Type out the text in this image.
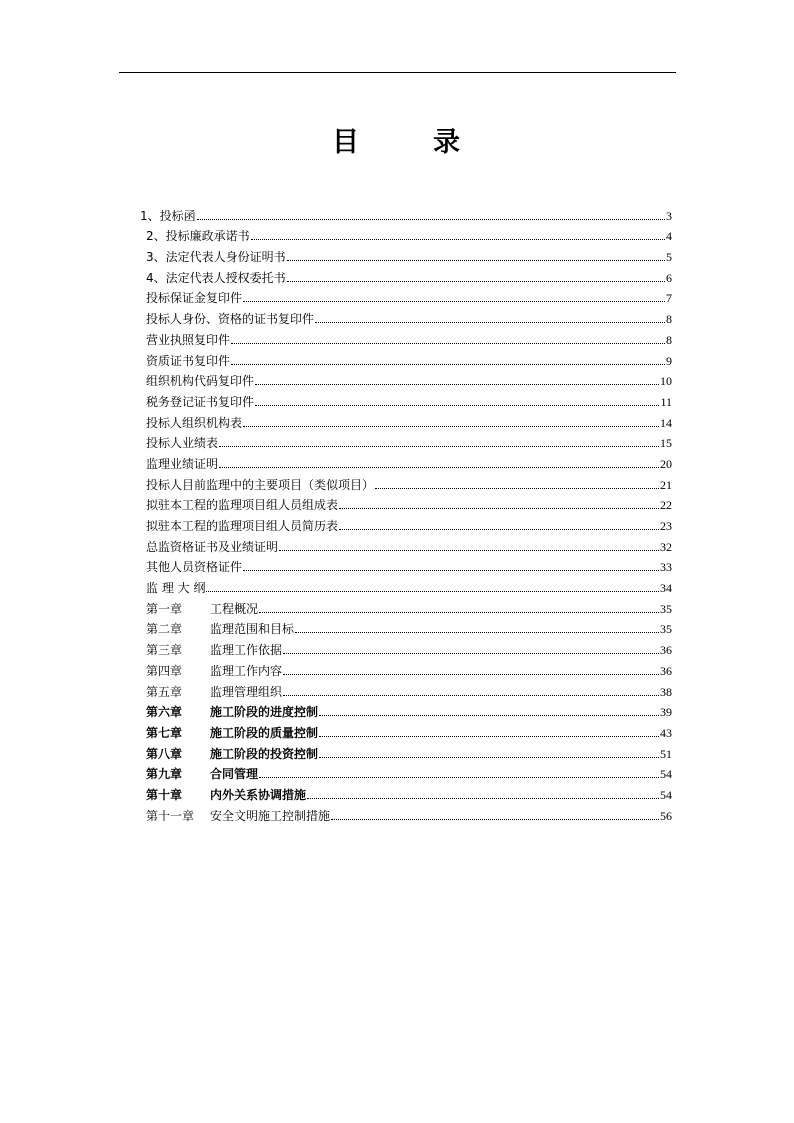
目	录
1、投标函	3
2、投标廉政承诺书	4
3、法定代表人身份证明书	5
4、法定代表人授权委托书	6
投标保证金复印件	7
投标人身份、资格的证书复印件	8
营业执照复印件	8
资质证书复印件	9
组织机构代码复印件	10
税务登记证书复印件	11
投标人组织机构表	14
投标人业绩表	15
监理业绩证明	20
投标人目前监理中的主要项目（类似项目）	21
拟驻本工程的监理项目组人员组成表	22
拟驻本工程的监理项目组人员简历表	23
总监资格证书及业绩证明	32
其他人员资格证件	33
监 理 大 纲	34
第一章 工程概况	35
第二章 监理范围和目标	35
第三章 监理工作依据	36
第四章 监理工作内容	36
第五章 监理管理组织	38
第六章 施工阶段的进度控制	39
第七章 施工阶段的质量控制	43
第八章 施工阶段的投资控制	51
第九章 合同管理	54
第十章 内外关系协调措施	54
第十一章 安全文明施工控制措施	56
